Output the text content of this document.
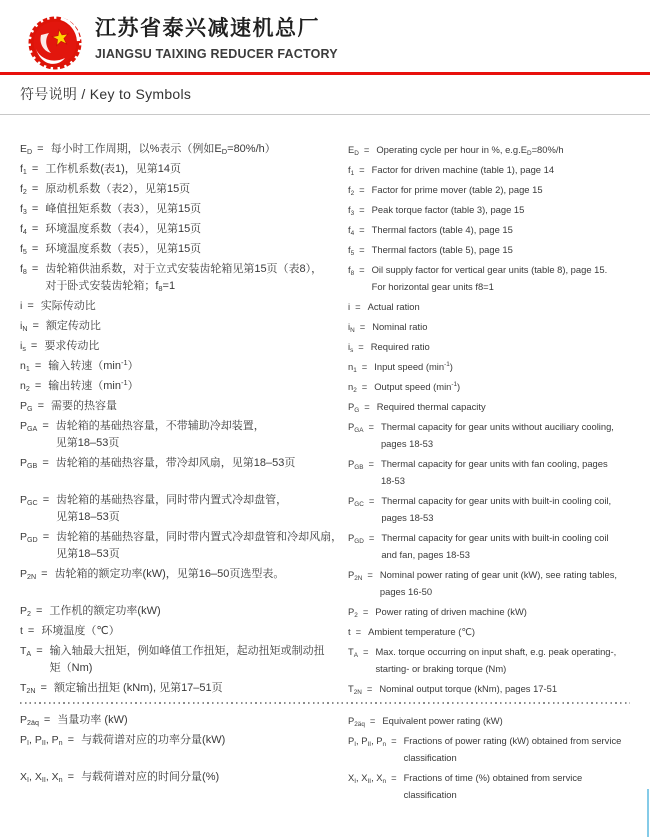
江苏省泰兴减速机总厂
JIANGSU TAIXING REDUCER FACTORY
符号说明 / Key to Symbols
$E_D$ = 每小时工作周期，以%表示（例如$E_D=80\%/h$）	$E_D$ = Operating cycle per hour in %, $e.g.E_D=80\%/h$
$f_1$ = 工作机系数(表1)，见第14页	$f_1$ = Factor for driven machine (table 1), page 14
$f_2$ = 原动机系数（表2），见第15页	$f_2$ = Factor for prime mover (table 2), page 15
$f_3$ = 峰值扭矩系数（表3），见第15页	$f_3$ = Peak torque factor (table 3), page 15
$f_4$ = 环境温度系数（表4），见第15页	$f_4$ = Thermal factors (table 4), page 15
$f_5$ = 环境温度系数（表5），见第15页	$f_5$ = Thermal factors (table 5), page 15
$f_8$ = 齿轮箱供油系数，对于立式安装齿轮箱见第15页（表8），
对于卧式安装齿轮箱；$f_8=1$
$f_8$ = Oil supply factor for vertical gear units (table 8), page 15.
For horizontal gear units f8=1
i = 实际传动比	i = Actual ration
$i_N$ = 额定传动比	$i_N$ = Nominal ratio
$i_s$ = 要求传动比	$i_s$ = Required ratio
$n_1$ = 输入转速$(\min^{-1})$	$n_1$ = Input speed $(\min^{-1})$
$n_2$ = 输出转速$(\min^{-1})$	$n_2$ = Output speed $(\min^{-1})$
$P_G$ = 需要的热容量	$P_G$ = Required thermal capacity
$P_{GA}$ = 齿轮箱的基础热容量，不带辅助冷却装置，
见第18–53页
$P_{GA}$ = Thermal capacity for gear units without auciliary cooling,
pages 18-53
$P_{GB}$ = 齿轮箱的基础热容量，带冷却风扇，见第18–53页	$P_{GB}$ = Thermal capacity for gear units with fan cooling, pages
18-53
$P_{GC}$ = 齿轮箱的基础热容量，同时带内置式冷却盘管，
见第18–53页
$P_{GC}$ = Thermal capacity for gear units with built-in cooling coil,
pages 18-53
$P_{GD}$ = 齿轮箱的基础热容量，同时带内置式冷却盘管和冷却风扇，
见第18–53页
$P_{GD}$ = Thermal capacity for gear units with built-in cooling coil
and fan, pages 18-53
$P_{2N}$ = 齿轮箱的额定功率(kW)，见第16–50页选型表。	$P_{2N}$ = Nominal power rating of gear unit (kW), see rating tables,
pages 16-50
$P_2$ = 工作机的额定功率(kW)	$P_2$ = Power rating of driven machine (kW)
t = 环境温度（℃）	t = Ambient temperature (℃)
$T_A$ = 输入轴最大扭矩，例如峰值工作扭矩，起动扭矩或制动扭
矩（Nm)
$T_A$ = Max. torque occurring on input shaft, e.g. peak operating-,
starting- or braking torque (Nm)
$T_{2N}$ = 额定输出扭矩 (kNm), 见第17–51页	$T_{2N}$ = Nominal output torque (kNm), pages 17-51
$P_{2äq}$ = 当量功率 (kW)	$P_{2äq}$ = Equivalent power rating (kW)
$P_I$, $P_{II}$, $P_n$ = 与载荷谱对应的功率分量(kW)	$P_I$, $P_{II}$, $P_n$ = Fractions of power rating (kW) obtained from service
classification
$X_I$, $X_{II}$, $X_n$ = 与载荷谱对应的时间分量(%)	$X_I$, $X_{II}$, $X_n$ = Fractions of time (%) obtained from service
classification
